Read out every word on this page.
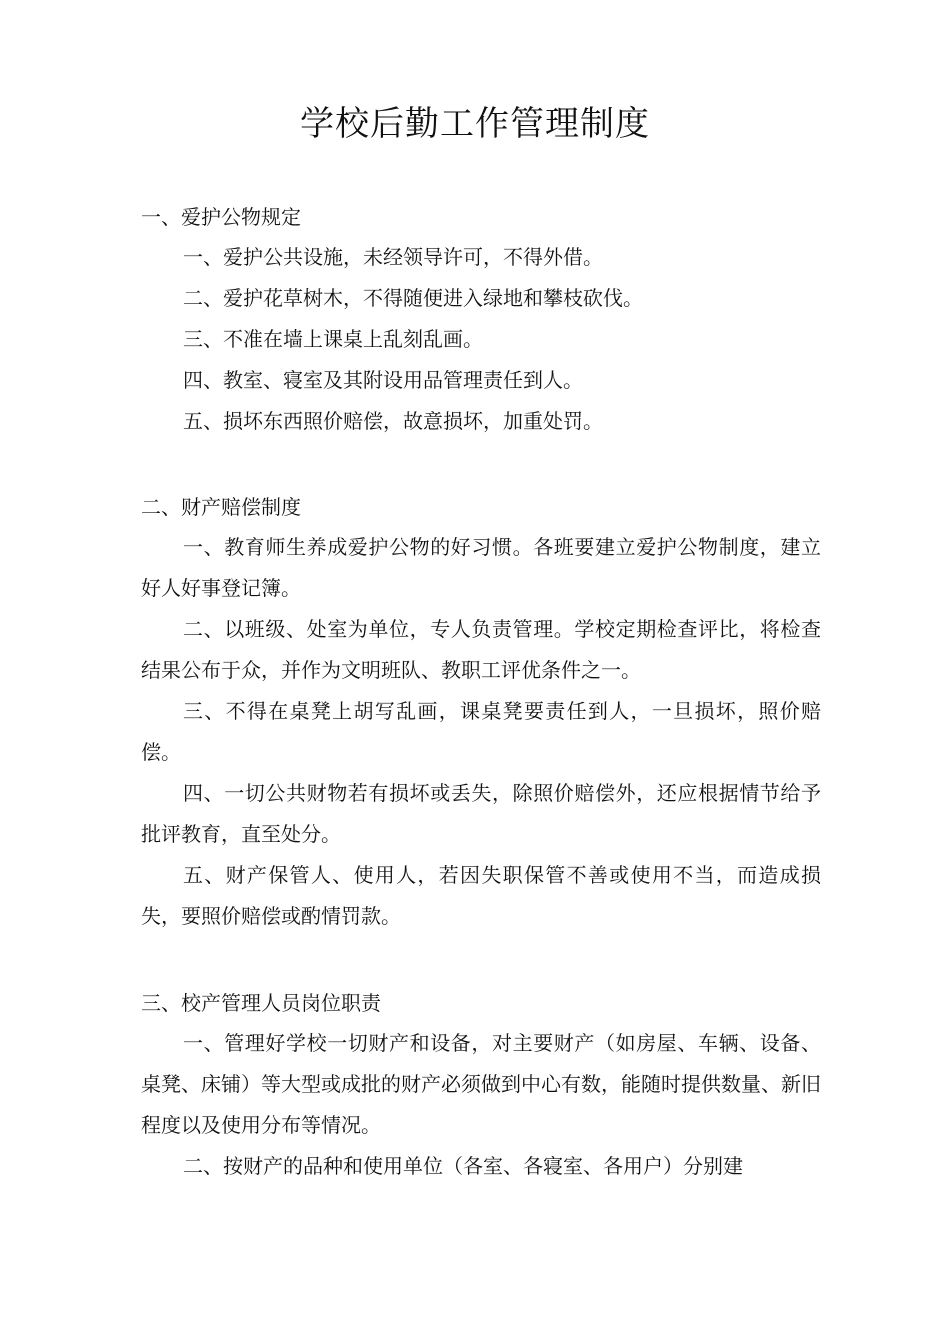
学校后勤工作管理制度

一、爱护公物规定

一、爱护公共设施，未经领导许可，不得外借。

二、爱护花草树木，不得随便进入绿地和攀枝砍伐。

三、不准在墙上课桌上乱刻乱画。

四、教室、寝室及其附设用品管理责任到人。

五、损坏东西照价赔偿，故意损坏，加重处罚。

二、财产赔偿制度

一、教育师生养成爱护公物的好习惯。各班要建立爱护公物制度，建立好人好事登记簿。

二、以班级、处室为单位，专人负责管理。学校定期检查评比，将检查结果公布于众，并作为文明班队、教职工评优条件之一。

三、不得在桌凳上胡写乱画，课桌凳要责任到人，一旦损坏，照价赔偿。

四、一切公共财物若有损坏或丢失，除照价赔偿外，还应根据情节给予批评教育，直至处分。

五、财产保管人、使用人，若因失职保管不善或使用不当，而造成损失，要照价赔偿或酌情罚款。

三、校产管理人员岗位职责

一、管理好学校一切财产和设备，对主要财产（如房屋、车辆、设备、桌凳、床铺）等大型或成批的财产必须做到中心有数，能随时提供数量、新旧程度以及使用分布等情况。

二、按财产的品种和使用单位（各室、各寝室、各用户）分别建
